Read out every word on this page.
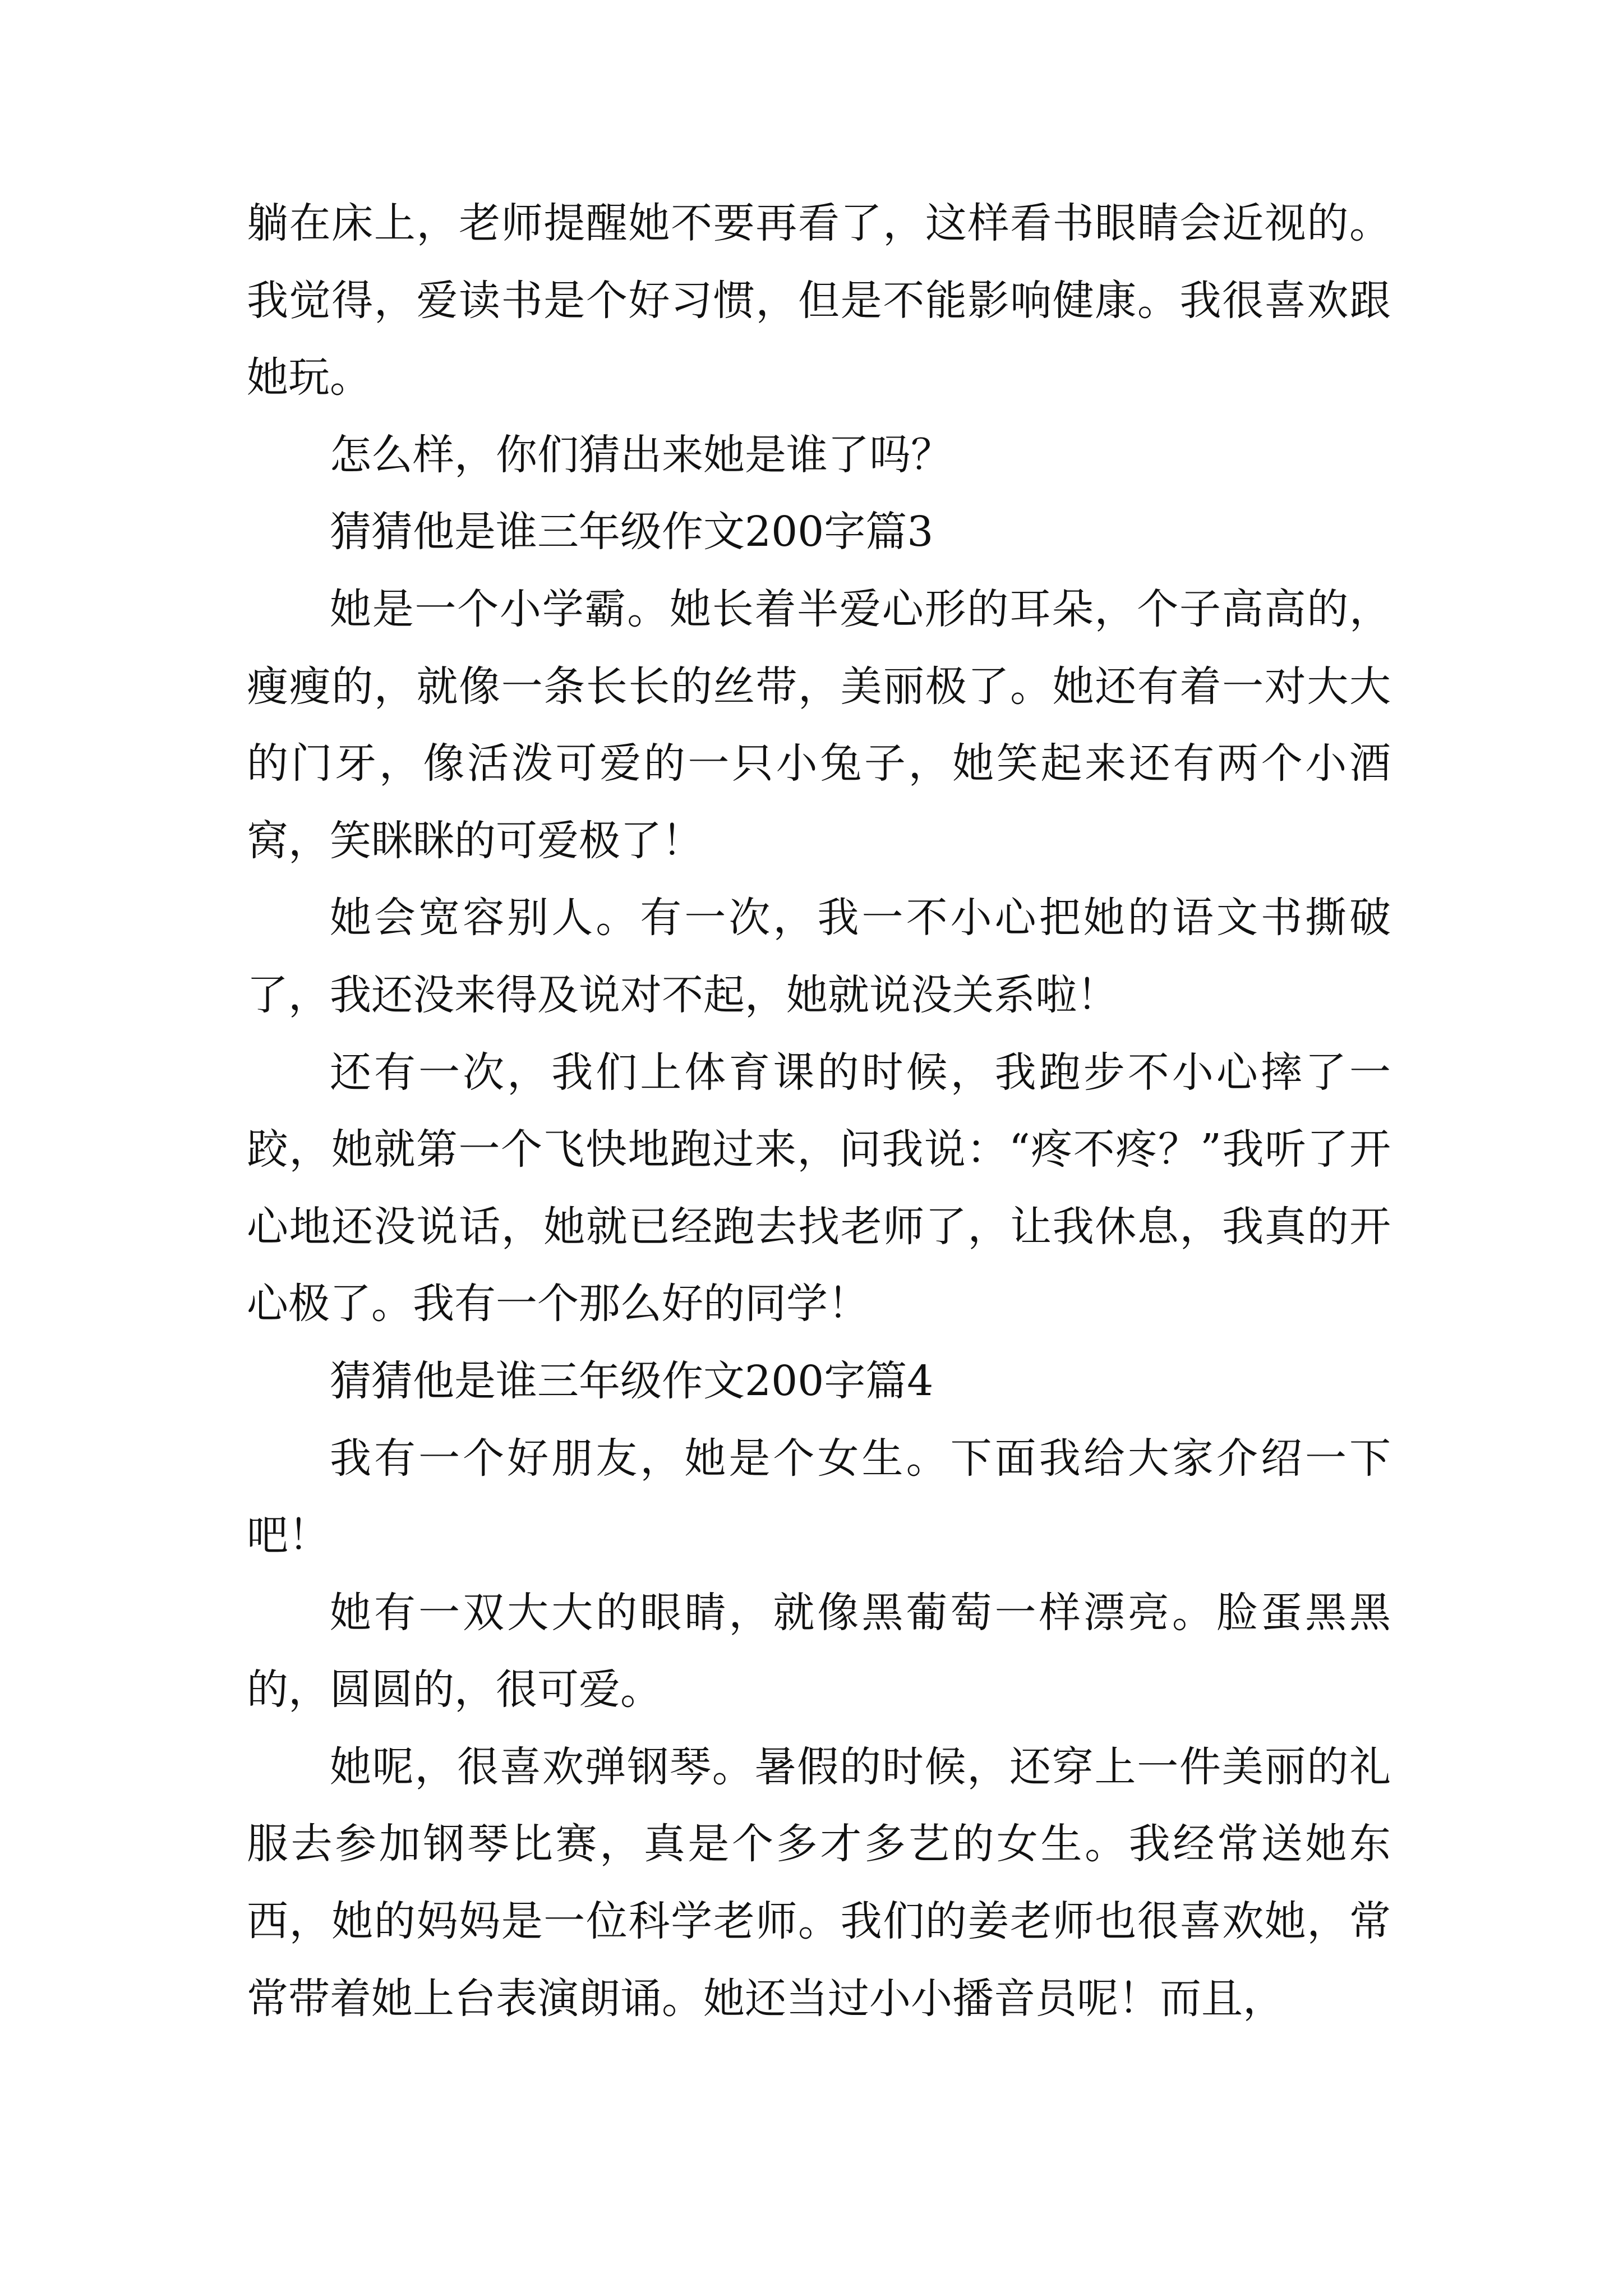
躺在床上，老师提醒她不要再看了，这样看书眼睛会近视的。我觉得，爱读书是个好习惯，但是不能影响健康。我很喜欢跟她玩。

怎么样，你们猜出来她是谁了吗？

猜猜他是谁三年级作文200字篇3

她是一个小学霸。她长着半爱心形的耳朵，个子高高的，瘦瘦的，就像一条长长的丝带，美丽极了。她还有着一对大大的门牙，像活泼可爱的一只小兔子，她笑起来还有两个小酒窝，笑眯眯的可爱极了！

她会宽容别人。有一次，我一不小心把她的语文书撕破了，我还没来得及说对不起，她就说没关系啦！

还有一次，我们上体育课的时候，我跑步不小心摔了一跤，她就第一个飞快地跑过来，问我说：“疼不疼？”我听了开心地还没说话，她就已经跑去找老师了，让我休息，我真的开心极了。我有一个那么好的同学！

猜猜他是谁三年级作文200字篇4

我有一个好朋友，她是个女生。下面我给大家介绍一下吧！

她有一双大大的眼睛，就像黑葡萄一样漂亮。脸蛋黑黑的，圆圆的，很可爱。

她呢，很喜欢弹钢琴。暑假的时候，还穿上一件美丽的礼服去参加钢琴比赛，真是个多才多艺的女生。我经常送她东西，她的妈妈是一位科学老师。我们的姜老师也很喜欢她，常常带着她上台表演朗诵。她还当过小小播音员呢！而且，
